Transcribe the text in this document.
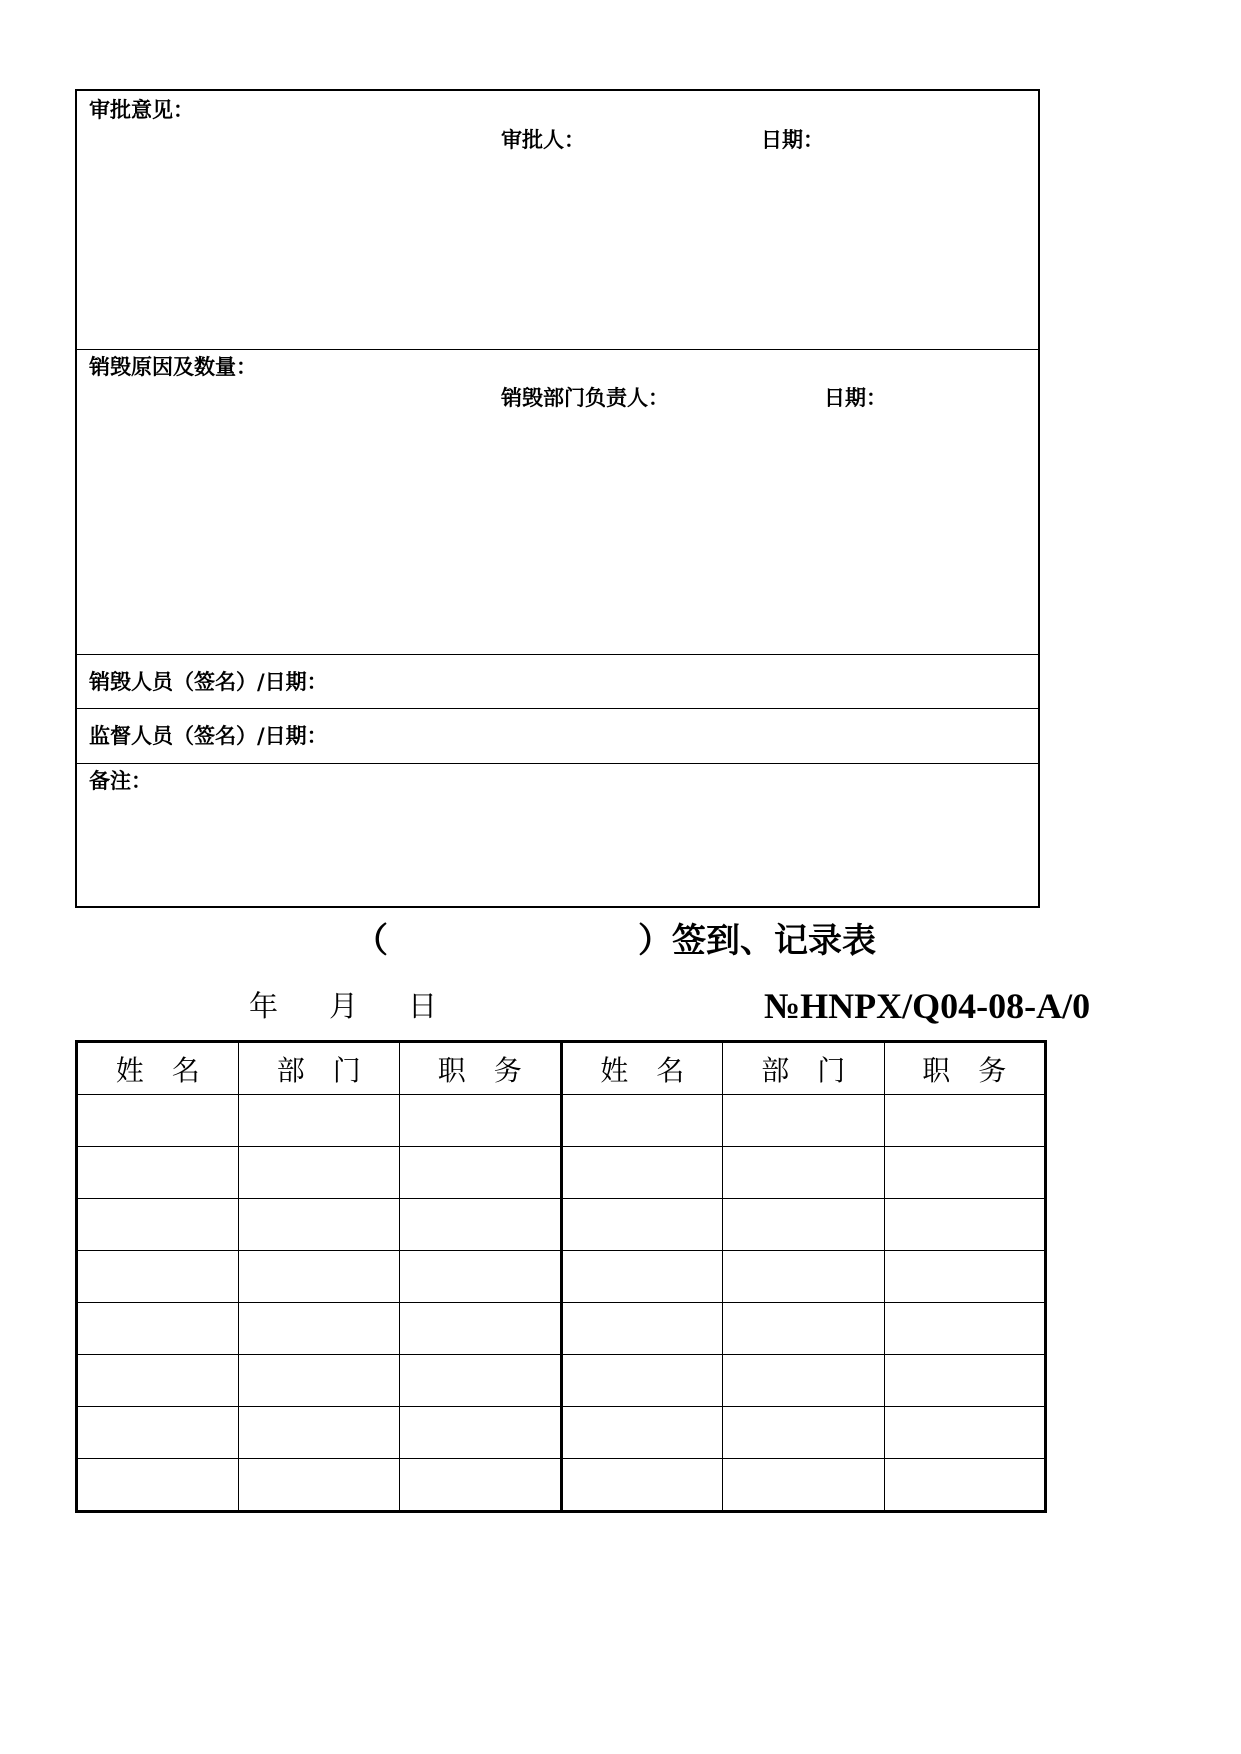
审批意见：
审批人：	日期：
销毁原因及数量：
销毁部门负责人：	日期：
销毁人员（签名）/日期：
监督人员（签名）/日期：
备注：
（	）签到、记录表
年 月 日	№HNPX/Q04-08-A/0
姓　名	部　门	职　务	姓　名	部　门	职　务
